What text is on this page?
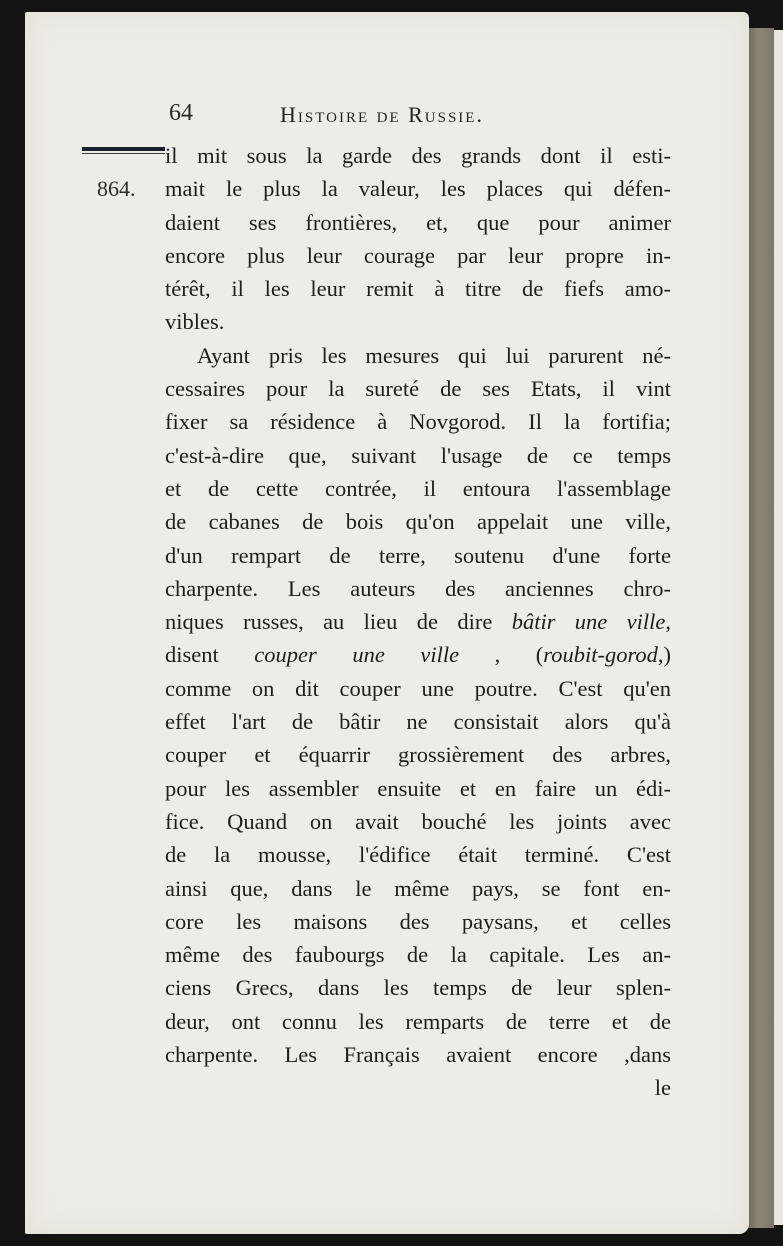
64	Histoire de Russie.
864.
il mit sous la garde des grands dont il esti-
mait le plus la valeur, les places qui défen-
daient ses frontières, et, que pour animer
encore plus leur courage par leur propre in-
térêt, il les leur remit à titre de fiefs amo-
vibles.
Ayant pris les mesures qui lui parurent né-
cessaires pour la sureté de ses Etats, il vint
fixer sa résidence à Novgorod. Il la fortifia;
c'est-à-dire que, suivant l'usage de ce temps
et de cette contrée, il entoura l'assemblage
de cabanes de bois qu'on appelait une ville,
d'un rempart de terre, soutenu d'une forte
charpente. Les auteurs des anciennes chro-
niques russes, au lieu de dire bâtir une ville,
disent couper une ville , (roubit-gorod,)
comme on dit couper une poutre. C'est qu'en
effet l'art de bâtir ne consistait alors qu'à
couper et équarrir grossièrement des arbres,
pour les assembler ensuite et en faire un édi-
fice. Quand on avait bouché les joints avec
de la mousse, l'édifice était terminé. C'est
ainsi que, dans le même pays, se font en-
core les maisons des paysans, et celles
même des faubourgs de la capitale. Les an-
ciens Grecs, dans les temps de leur splen-
deur, ont connu les remparts de terre et de
charpente. Les Français avaient encore ,dans
le
